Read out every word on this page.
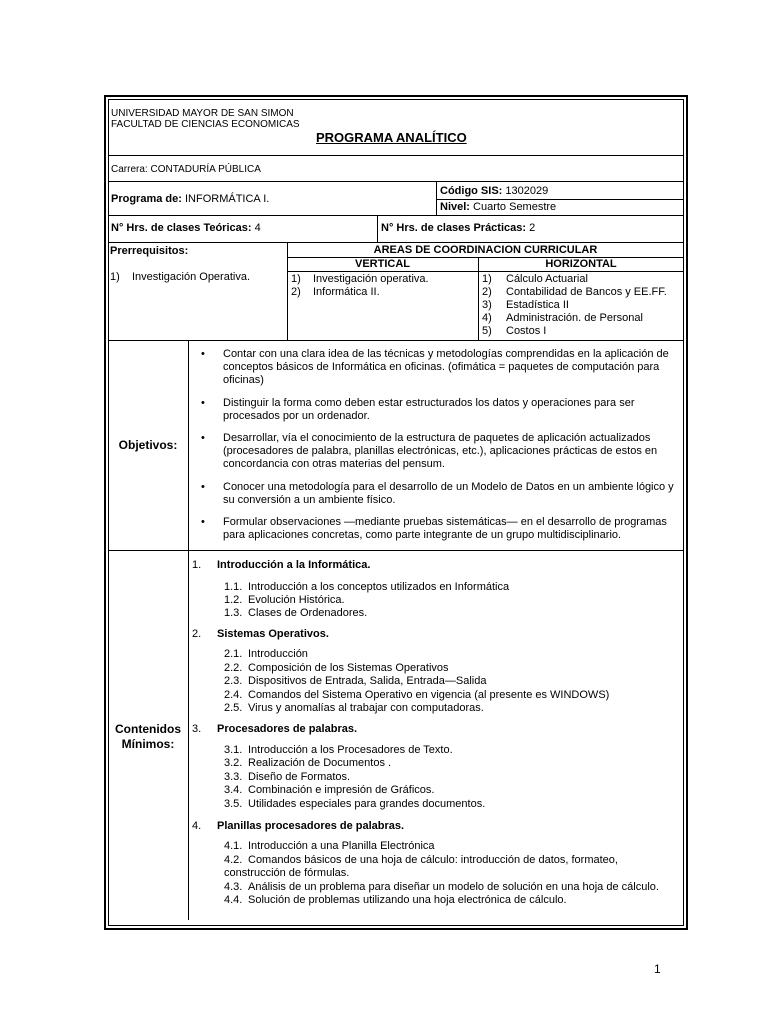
UNIVERSIDAD MAYOR DE SAN SIMON
FACULTAD DE CIENCIAS ECONOMICAS
PROGRAMA ANALÍTICO
Carrera: CONTADURÍA PÚBLICA
Programa de: INFORMÁTICA I.
Código SIS: 1302029
Nivel: Cuarto Semestre
N° Hrs. de clases Teóricas: 4	N° Hrs. de clases Prácticas: 2
Prerrequisitos:
1) Investigación Operativa.
AREAS DE COORDINACION CURRICULAR
VERTICAL	HORIZONTAL
1) Investigación operativa.
2) Informática II.
1) Cálculo Actuarial
2) Contabilidad de Bancos y EE.FF.
3) Estadística II
4) Administración. de Personal
5) Costos I
Objetivos:
• Contar con una clara idea de las técnicas y metodologías comprendidas en la aplicación de conceptos básicos de Informática en oficinas. (ofimática = paquetes de computación para oficinas)
• Distinguir la forma como deben estar estructurados los datos y operaciones para ser procesados por un ordenador.
• Desarrollar, vía el conocimiento de la estructura de paquetes de aplicación actualizados (procesadores de palabra, planillas electrónicas, etc.), aplicaciones prácticas de estos en concordancia con otras materias del pensum.
• Conocer una metodología para el desarrollo de un Modelo de Datos en un ambiente lógico y su conversión a un ambiente físico.
• Formular observaciones —mediante pruebas sistemáticas— en el desarrollo de programas para aplicaciones concretas, como parte integrante de un grupo multidisciplinario.
Contenidos
Mínimos:
1. Introducción a la Informática.
1.1. Introducción a los conceptos utilizados en Informática
1.2. Evolución Histórica.
1.3. Clases de Ordenadores.
2. Sistemas Operativos.
2.1. Introducción
2.2. Composición de los Sistemas Operativos
2.3. Dispositivos de Entrada, Salida, Entrada—Salida
2.4. Comandos del Sistema Operativo en vigencia (al presente es WINDOWS)
2.5. Virus y anomalías al trabajar con computadoras.
3. Procesadores de palabras.
3.1. Introducción a los Procesadores de Texto.
3.2. Realización de Documentos .
3.3. Diseño de Formatos.
3.4. Combinación e impresión de Gráficos.
3.5. Utilidades especiales para grandes documentos.
4. Planillas procesadores de palabras.
4.1. Introducción a una Planilla Electrónica
4.2. Comandos básicos de una hoja de cálculo: introducción de datos, formateo, construcción de fórmulas.
4.3. Análisis de un problema para diseñar un modelo de solución en una hoja de cálculo.
4.4. Solución de problemas utilizando una hoja electrónica de cálculo.
1
